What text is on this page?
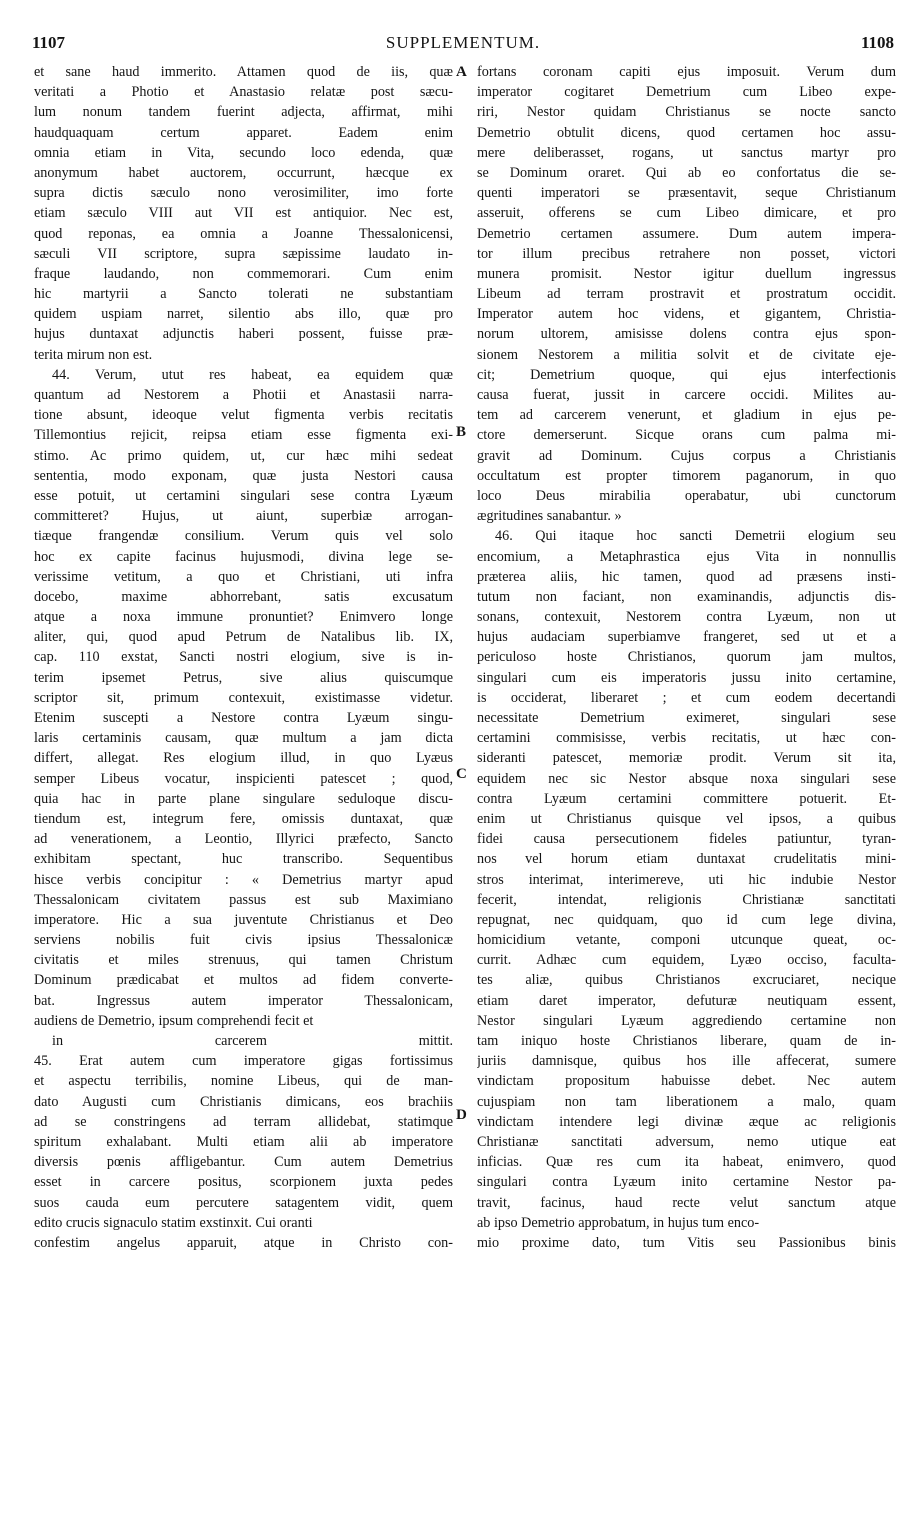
1107	SUPPLEMENTUM.	1108
et sane haud immerito. Attamen quod de iis, quæ
veritati a Photio et Anastasio relatæ post sæcu-
lum nonum tandem fuerint adjecta, affirmat, mihi
haudquaquam certum apparet. Eadem enim
omnia etiam in Vita, secundo loco edenda, quæ
anonymum habet auctorem, occurrunt, hæcque ex
supra dictis sæculo nono verosimiliter, imo forte
etiam sæculo VIII aut VII est antiquior. Nec est,
quod reponas, ea omnia a Joanne Thessalonicensi,
sæculi VII scriptore, supra sæpissime laudato in-
fraque laudando, non commemorari. Cum enim
hic martyrii a Sancto tolerati ne substantiam
quidem uspiam narret, silentio abs illo, quæ pro
hujus duntaxat adjunctis haberi possent, fuisse præ-
terita mirum non est.
44. Verum, utut res habeat, ea equidem quæ
quantum ad Nestorem a Photii et Anastasii narra-
tione absunt, ideoque velut figmenta verbis recitatis
Tillemontius rejicit, reipsa etiam esse figmenta exi-
stimo. Ac primo quidem, ut, cur hæc mihi sedeat
sententia, modo exponam, quæ justa Nestori causa
esse potuit, ut certamini singulari sese contra Lyæum
committeret? Hujus, ut aiunt, superbiæ arrogan-
tiæque frangendæ consilium. Verum quis vel solo
hoc ex capite facinus hujusmodi, divina lege se-
verissime vetitum, a quo et Christiani, uti infra
docebo, maxime abhorrebant, satis excusatum
atque a noxa immune pronuntiet? Enimvero longe
aliter, qui, quod apud Petrum de Natalibus lib. IX,
cap. 110 exstat, Sancti nostri elogium, sive is in-
terim ipsemet Petrus, sive alius quiscumque
scriptor sit, primum contexuit, existimasse videtur.
Etenim suscepti a Nestore contra Lyæum singu-
laris certaminis causam, quæ multum a jam dicta
differt, allegat. Res elogium illud, in quo Lyæus
semper Libeus vocatur, inspicienti patescet ; quod,
quia hac in parte plane singulare seduloque discu-
tiendum est, integrum fere, omissis duntaxat, quæ
ad venerationem, a Leontio, Illyrici præfecto, Sancto
exhibitam spectant, huc transcribo. Sequentibus
hisce verbis concipitur : « Demetrius martyr apud
Thessalonicam civitatem passus est sub Maximiano
imperatore. Hic a sua juventute Christianus et Deo
serviens nobilis fuit civis ipsius Thessalonicæ
civitatis et miles strenuus, qui tamen Christum
Dominum prædicabat et multos ad fidem converte-
bat. Ingressus autem imperator Thessalonicam,
audiens de Demetrio, ipsum comprehendi fecit et
in carcerem mittit.
45. Erat autem cum imperatore gigas fortissimus
et aspectu terribilis, nomine Libeus, qui de man-
dato Augusti cum Christianis dimicans, eos brachiis
ad se constringens ad terram allidebat, statimque
spiritum exhalabant. Multi etiam alii ab imperatore
diversis pœnis affligebantur. Cum autem Demetrius
esset in carcere positus, scorpionem juxta pedes
suos cauda eum percutere satagentem vidit, quem
edito crucis signaculo statim exstinxit. Cui oranti
confestim angelus apparuit, atque in Christo con-
fortans coronam capiti ejus imposuit. Verum dum
imperator cogitaret Demetrium cum Libeo expe-
riri, Nestor quidam Christianus se nocte sancto
Demetrio obtulit dicens, quod certamen hoc assu-
mere deliberasset, rogans, ut sanctus martyr pro
se Dominum oraret. Qui ab eo confortatus die se-
quenti imperatori se præsentavit, seque Christianum
asseruit, offerens se cum Libeo dimicare, et pro
Demetrio certamen assumere. Dum autem impera-
tor illum precibus retrahere non posset, victori
munera promisit. Nestor igitur duellum ingressus
Libeum ad terram prostravit et prostratum occidit.
Imperator autem hoc videns, et gigantem, Christia-
norum ultorem, amisisse dolens contra ejus spon-
sionem Nestorem a militia solvit et de civitate eje-
cit; Demetrium quoque, qui ejus interfectionis
causa fuerat, jussit in carcere occidi. Milites au-
tem ad carcerem venerunt, et gladium in ejus pe-
ctore demerserunt. Sicque orans cum palma mi-
gravit ad Dominum. Cujus corpus a Christianis
occultatum est propter timorem paganorum, in quo
loco Deus mirabilia operabatur, ubi cunctorum
ægritudines sanabantur. »
46. Qui itaque hoc sancti Demetrii elogium seu
encomium, a Metaphrastica ejus Vita in nonnullis
præterea aliis, hic tamen, quod ad præsens insti-
tutum non faciant, non examinandis, adjunctis dis-
sonans, contexuit, Nestorem contra Lyæum, non ut
hujus audaciam superbiamve frangeret, sed ut et a
periculoso hoste Christianos, quorum jam multos,
singulari cum eis imperatoris jussu inito certamine,
is occiderat, liberaret ; et cum eodem decertandi
necessitate Demetrium eximeret, singulari sese
certamini commisisse, verbis recitatis, ut hæc con-
sideranti patescet, memoriæ prodit. Verum sit ita,
equidem nec sic Nestor absque noxa singulari sese
contra Lyæum certamini committere potuerit. Et-
enim ut Christianus quisque vel ipsos, a quibus
fidei causa persecutionem fideles patiuntur, tyran-
nos vel horum etiam duntaxat crudelitatis mini-
stros interimat, interimereve, uti hic indubie Nestor
fecerit, intendat, religionis Christianæ sanctitati
repugnat, nec quidquam, quo id cum lege divina,
homicidium vetante, componi utcunque queat, oc-
currit. Adhæc cum equidem, Lyæo occiso, faculta-
tes aliæ, quibus Christianos excruciaret, necique
etiam daret imperator, defuturæ neutiquam essent,
Nestor singulari Lyæum aggrediendo certamine non
tam iniquo hoste Christianos liberare, quam de in-
juriis damnisque, quibus hos ille affecerat, sumere
vindictam propositum habuisse debet. Nec autem
cujuspiam non tam liberationem a malo, quam
vindictam intendere legi divinæ æque ac religionis
Christianæ sanctitati adversum, nemo utique eat
inficias. Quæ res cum ita habeat, enimvero, quod
singulari contra Lyæum inito certamine Nestor pa-
travit, facinus, haud recte velut sanctum atque
ab ipso Demetrio approbatum, in hujus tum enco-
mio proxime dato, tum Vitis seu Passionibus binis
A
B
C
D
